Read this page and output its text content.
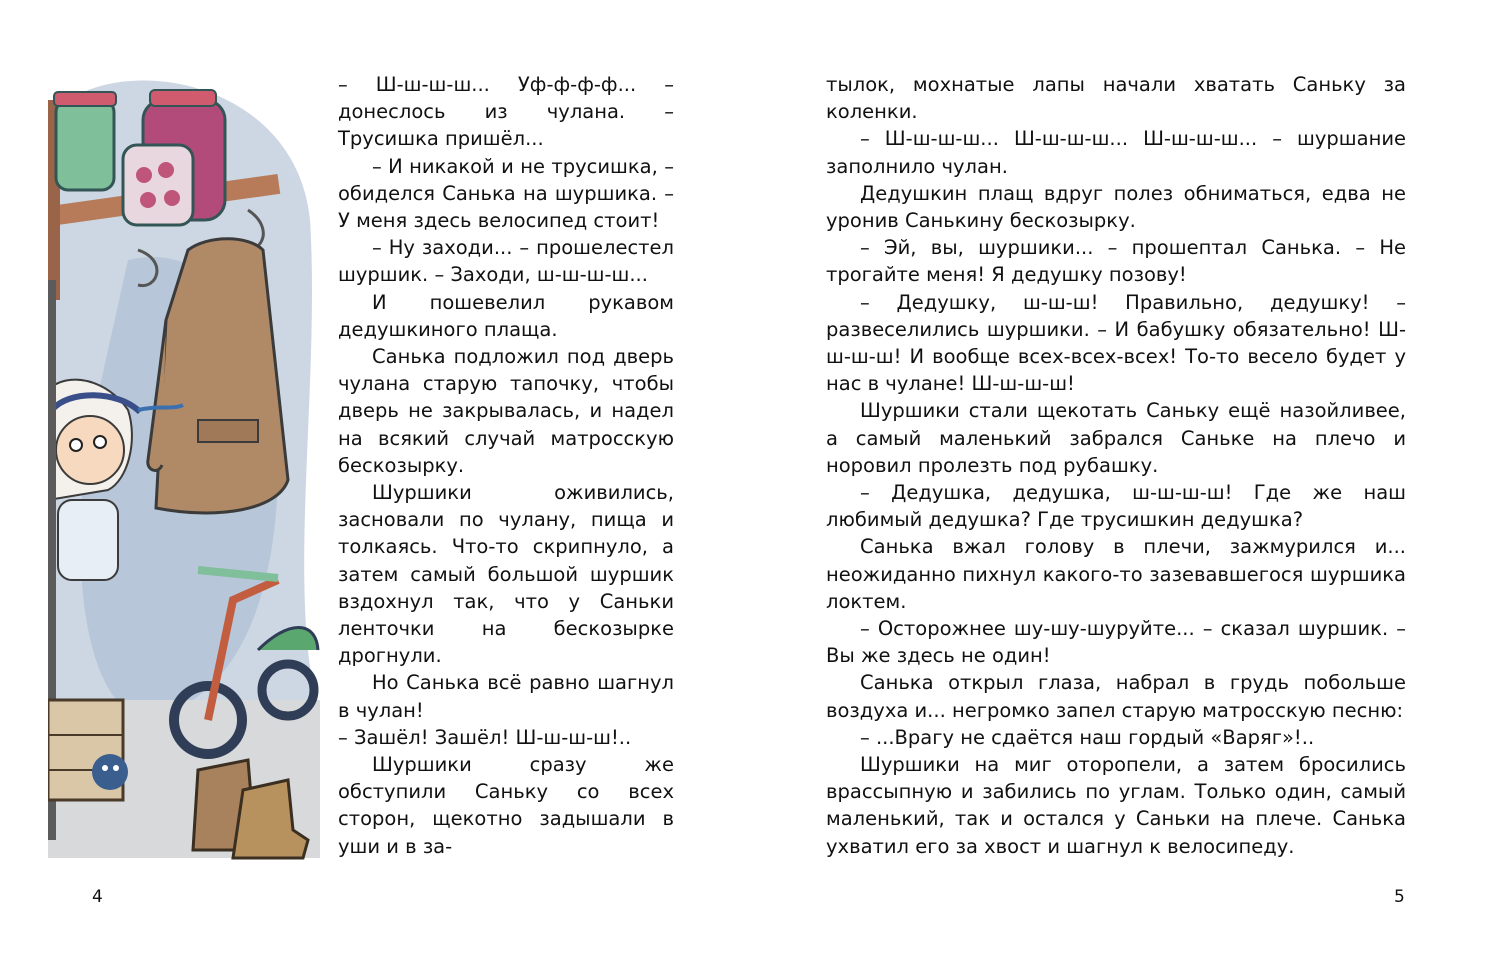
– Ш-ш-ш-ш... Уф-ф-ф-ф... – донеслось из чулана. – Трусишка пришёл...

– И никакой и не трусишка, – обиделся Санька на шуршика. – У меня здесь велосипед стоит!

– Ну заходи... – прошелестел шуршик. – Заходи, ш-ш-ш-ш...

И пошевелил рукавом дедушкиного плаща.

Санька подложил под дверь чулана старую тапочку, чтобы дверь не закрывалась, и надел на всякий случай матросскую бескозырку.

Шуршики оживились, засновали по чулану, пища и толкаясь. Что-то скрипнуло, а затем самый большой шуршик вздохнул так, что у Саньки ленточки на бескозырке дрогнули.

Но Санька всё равно шагнул в чулан!

– Зашёл! Зашёл! Ш-ш-ш-ш!..

Шуршики сразу же обступили Саньку со всех сторон, щекотно задышали в уши и в за-

тылок, мохнатые лапы начали хватать Саньку за коленки.

– Ш-ш-ш-ш... Ш-ш-ш-ш... Ш-ш-ш-ш... – шуршание заполнило чулан.

Дедушкин плащ вдруг полез обниматься, едва не уронив Санькину бескозырку.

– Эй, вы, шуршики... – прошептал Санька. – Не трогайте меня! Я дедушку позову!

– Дедушку, ш-ш-ш! Правильно, дедушку! – развеселились шуршики. – И бабушку обязательно! Ш-ш-ш-ш! И вообще всех-всех-всех! То-то весело будет у нас в чулане! Ш-ш-ш-ш!

Шуршики стали щекотать Саньку ещё назойливее, а самый маленький забрался Саньке на плечо и норовил пролезть под рубашку.

– Дедушка, дедушка, ш-ш-ш-ш! Где же наш любимый дедушка? Где трусишкин дедушка?

Санька вжал голову в плечи, зажмурился и... неожиданно пихнул какого-то зазевавшегося шуршика локтем.

– Осторожнее шу-шу-шуруйте... – сказал шуршик. – Вы же здесь не один!

Санька открыл глаза, набрал в грудь побольше воздуха и... негромко запел старую матросскую песню:

– ...Врагу не сдаётся наш гордый «Варяг»!..

Шуршики на миг оторопели, а затем бросились врассыпную и забились по углам. Только один, самый маленький, так и остался у Саньки на плече. Санька ухватил его за хвост и шагнул к велосипеду.

4	5
